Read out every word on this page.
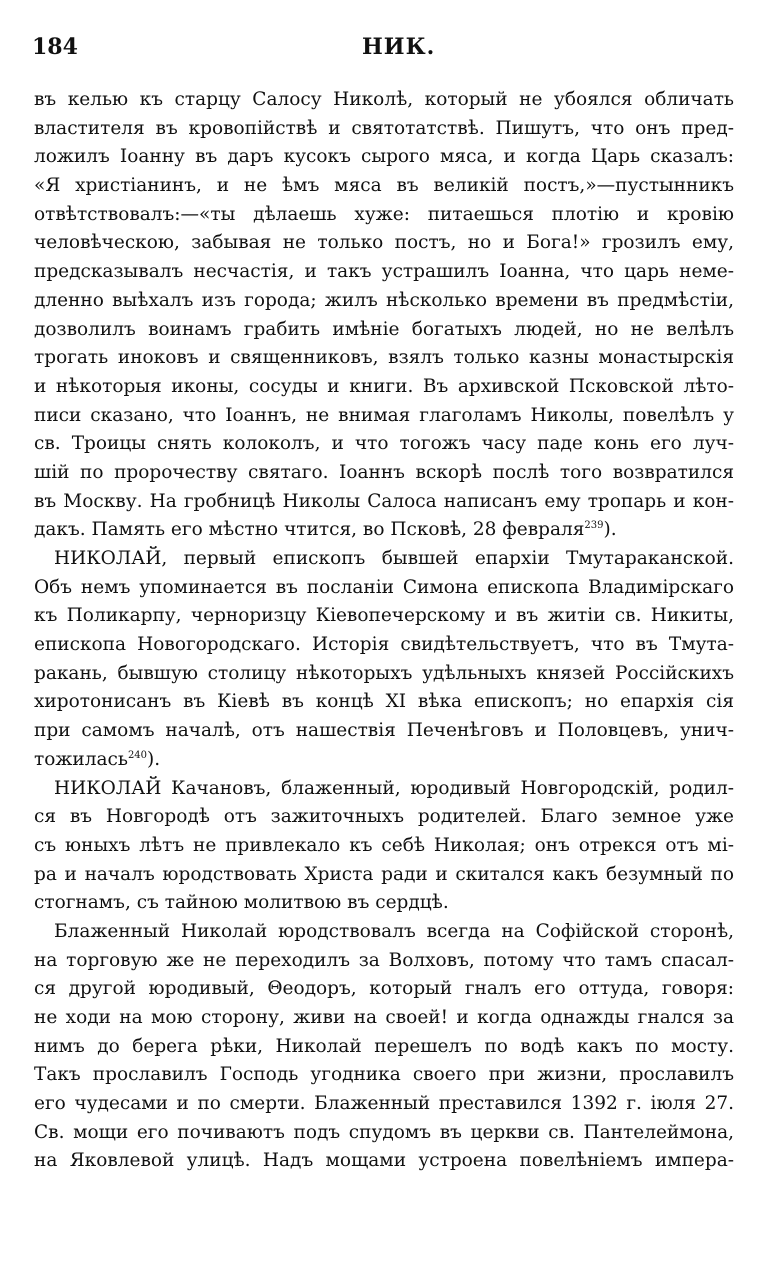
184	НИК.
въ келью къ старцу Салосу Николѣ, который не убоялся обличать
властителя въ кровопійствѣ и святотатствѣ. Пишутъ, что онъ пред-
ложилъ Іоанну въ даръ кусокъ сырого мяса, и когда Царь сказалъ:
«Я христіанинъ, и не ѣмъ мяса въ великій постъ,»—пустынникъ
отвѣтствовалъ:—«ты дѣлаешь хуже: питаешься плотію и кровію
человѣческою, забывая не только постъ, но и Бога!» грозилъ ему,
предсказывалъ несчастія, и такъ устрашилъ Іоанна, что царь неме-
дленно выѣхалъ изъ города; жилъ нѣсколько времени въ предмѣстіи,
дозволилъ воинамъ грабить имѣніе богатыхъ людей, но не велѣлъ
трогать иноковъ и священниковъ, взялъ только казны монастырскія
и нѣкоторыя иконы, сосуды и книги. Въ архивской Псковской лѣто-
писи сказано, что Іоаннъ, не внимая глаголамъ Николы, повелѣлъ у
св. Троицы снять колоколъ, и что тогожъ часу паде конь его луч-
шій по пророчеству святаго. Іоаннъ вскорѣ послѣ того возвратился
въ Москву. На гробницѣ Николы Салоса написанъ ему тропарь и кон-
дакъ. Память его мѣстно чтится, во Псковѣ, 28 февраля$^{239}$).
НИКОЛАЙ, первый епископъ бывшей епархіи Тмутараканской.
Объ немъ упоминается въ посланіи Симона епископа Владимірскаго
къ Поликарпу, черноризцу Кіевопечерскому и въ житіи св. Никиты,
епископа Новогородскаго. Исторія свидѣтельствуетъ, что въ Тмута-
ракань, бывшую столицу нѣкоторыхъ удѣльныхъ князей Россійскихъ
хиротонисанъ въ Кіевѣ въ концѣ XI вѣка епископъ; но епархія сія
при самомъ началѣ, отъ нашествія Печенѣговъ и Половцевъ, унич-
тожилась$^{240}$).
НИКОЛАЙ Качановъ, блаженный, юродивый Новгородскій, родил-
ся въ Новгородѣ отъ зажиточныхъ родителей. Благо земное уже
съ юныхъ лѣтъ не привлекало къ себѣ Николая; онъ отрекся отъ мі-
ра и началъ юродствовать Христа ради и скитался какъ безумный по
стогнамъ, съ тайною молитвою въ сердцѣ.
Блаженный Николай юродствовалъ всегда на Софійской сторонѣ,
на торговую же не переходилъ за Волховъ, потому что тамъ спасал-
ся другой юродивый, Θеодоръ, который гналъ его оттуда, говоря:
не ходи на мою сторону, живи на своей! и когда однажды гнался за
нимъ до берега рѣки, Николай перешелъ по водѣ какъ по мосту.
Такъ прославилъ Господь угодника своего при жизни, прославилъ
его чудесами и по смерти. Блаженный преставился 1392 г. іюля 27.
Св. мощи его почиваютъ подъ спудомъ въ церкви св. Пантелеймона,
на Яковлевой улицѣ. Надъ мощами устроена повелѣніемъ импера-
